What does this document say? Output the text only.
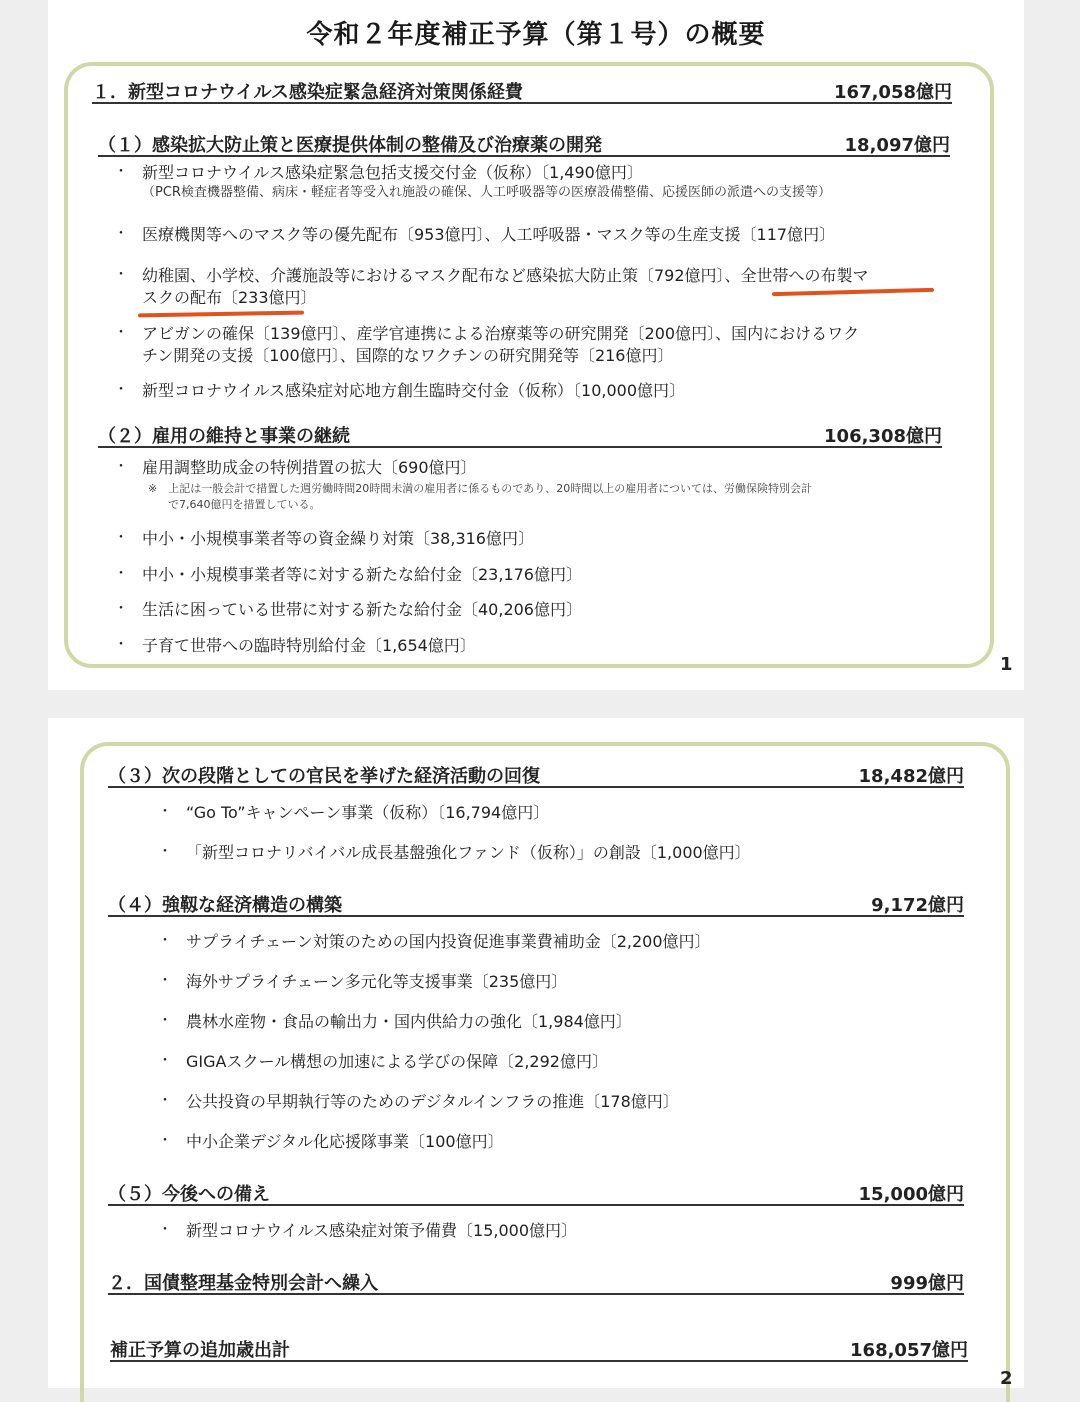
令和２年度補正予算（第１号）の概要
１．新型コロナウイルス感染症緊急経済対策関係経費	167,058億円
（１）感染拡大防止策と医療提供体制の整備及び治療薬の開発	18,097億円
・ 新型コロナウイルス感染症緊急包括支援交付金（仮称）〔1,490億円〕
（PCR検査機器整備、病床・軽症者等受入れ施設の確保、人工呼吸器等の医療設備整備、応援医師の派遣への支援等）
・ 医療機関等へのマスク等の優先配布〔953億円〕、人工呼吸器・マスク等の生産支援〔117億円〕
・ 幼稚園、小学校、介護施設等におけるマスク配布など感染拡大防止策〔792億円〕、全世帯への布製マ
スクの配布〔233億円〕
・ アビガンの確保〔139億円〕、産学官連携による治療薬等の研究開発〔200億円〕、国内におけるワク
チン開発の支援〔100億円〕、国際的なワクチンの研究開発等〔216億円〕
・ 新型コロナウイルス感染症対応地方創生臨時交付金（仮称）〔10,000億円〕
（２）雇用の維持と事業の継続	106,308億円
・ 雇用調整助成金の特例措置の拡大〔690億円〕
※　上記は一般会計で措置した週労働時間20時間未満の雇用者に係るものであり、20時間以上の雇用者については、労働保険特別会計
で7,640億円を措置している。
・ 中小・小規模事業者等の資金繰り対策〔38,316億円〕
・ 中小・小規模事業者等に対する新たな給付金〔23,176億円〕
・ 生活に困っている世帯に対する新たな給付金〔40,206億円〕
・ 子育て世帯への臨時特別給付金〔1,654億円〕
1
（３）次の段階としての官民を挙げた経済活動の回復	18,482億円
・ “Go To”キャンペーン事業（仮称）〔16,794億円〕
・ 「新型コロナリバイバル成長基盤強化ファンド（仮称）」の創設〔1,000億円〕
（４）強靱な経済構造の構築	9,172億円
・ サプライチェーン対策のための国内投資促進事業費補助金〔2,200億円〕
・ 海外サプライチェーン多元化等支援事業〔235億円〕
・ 農林水産物・食品の輸出力・国内供給力の強化〔1,984億円〕
・ GIGAスクール構想の加速による学びの保障〔2,292億円〕
・ 公共投資の早期執行等のためのデジタルインフラの推進〔178億円〕
・ 中小企業デジタル化応援隊事業〔100億円〕
（５）今後への備え	15,000億円
・ 新型コロナウイルス感染症対策予備費〔15,000億円〕
２．国債整理基金特別会計へ繰入	999億円
補正予算の追加歳出計	168,057億円
2
